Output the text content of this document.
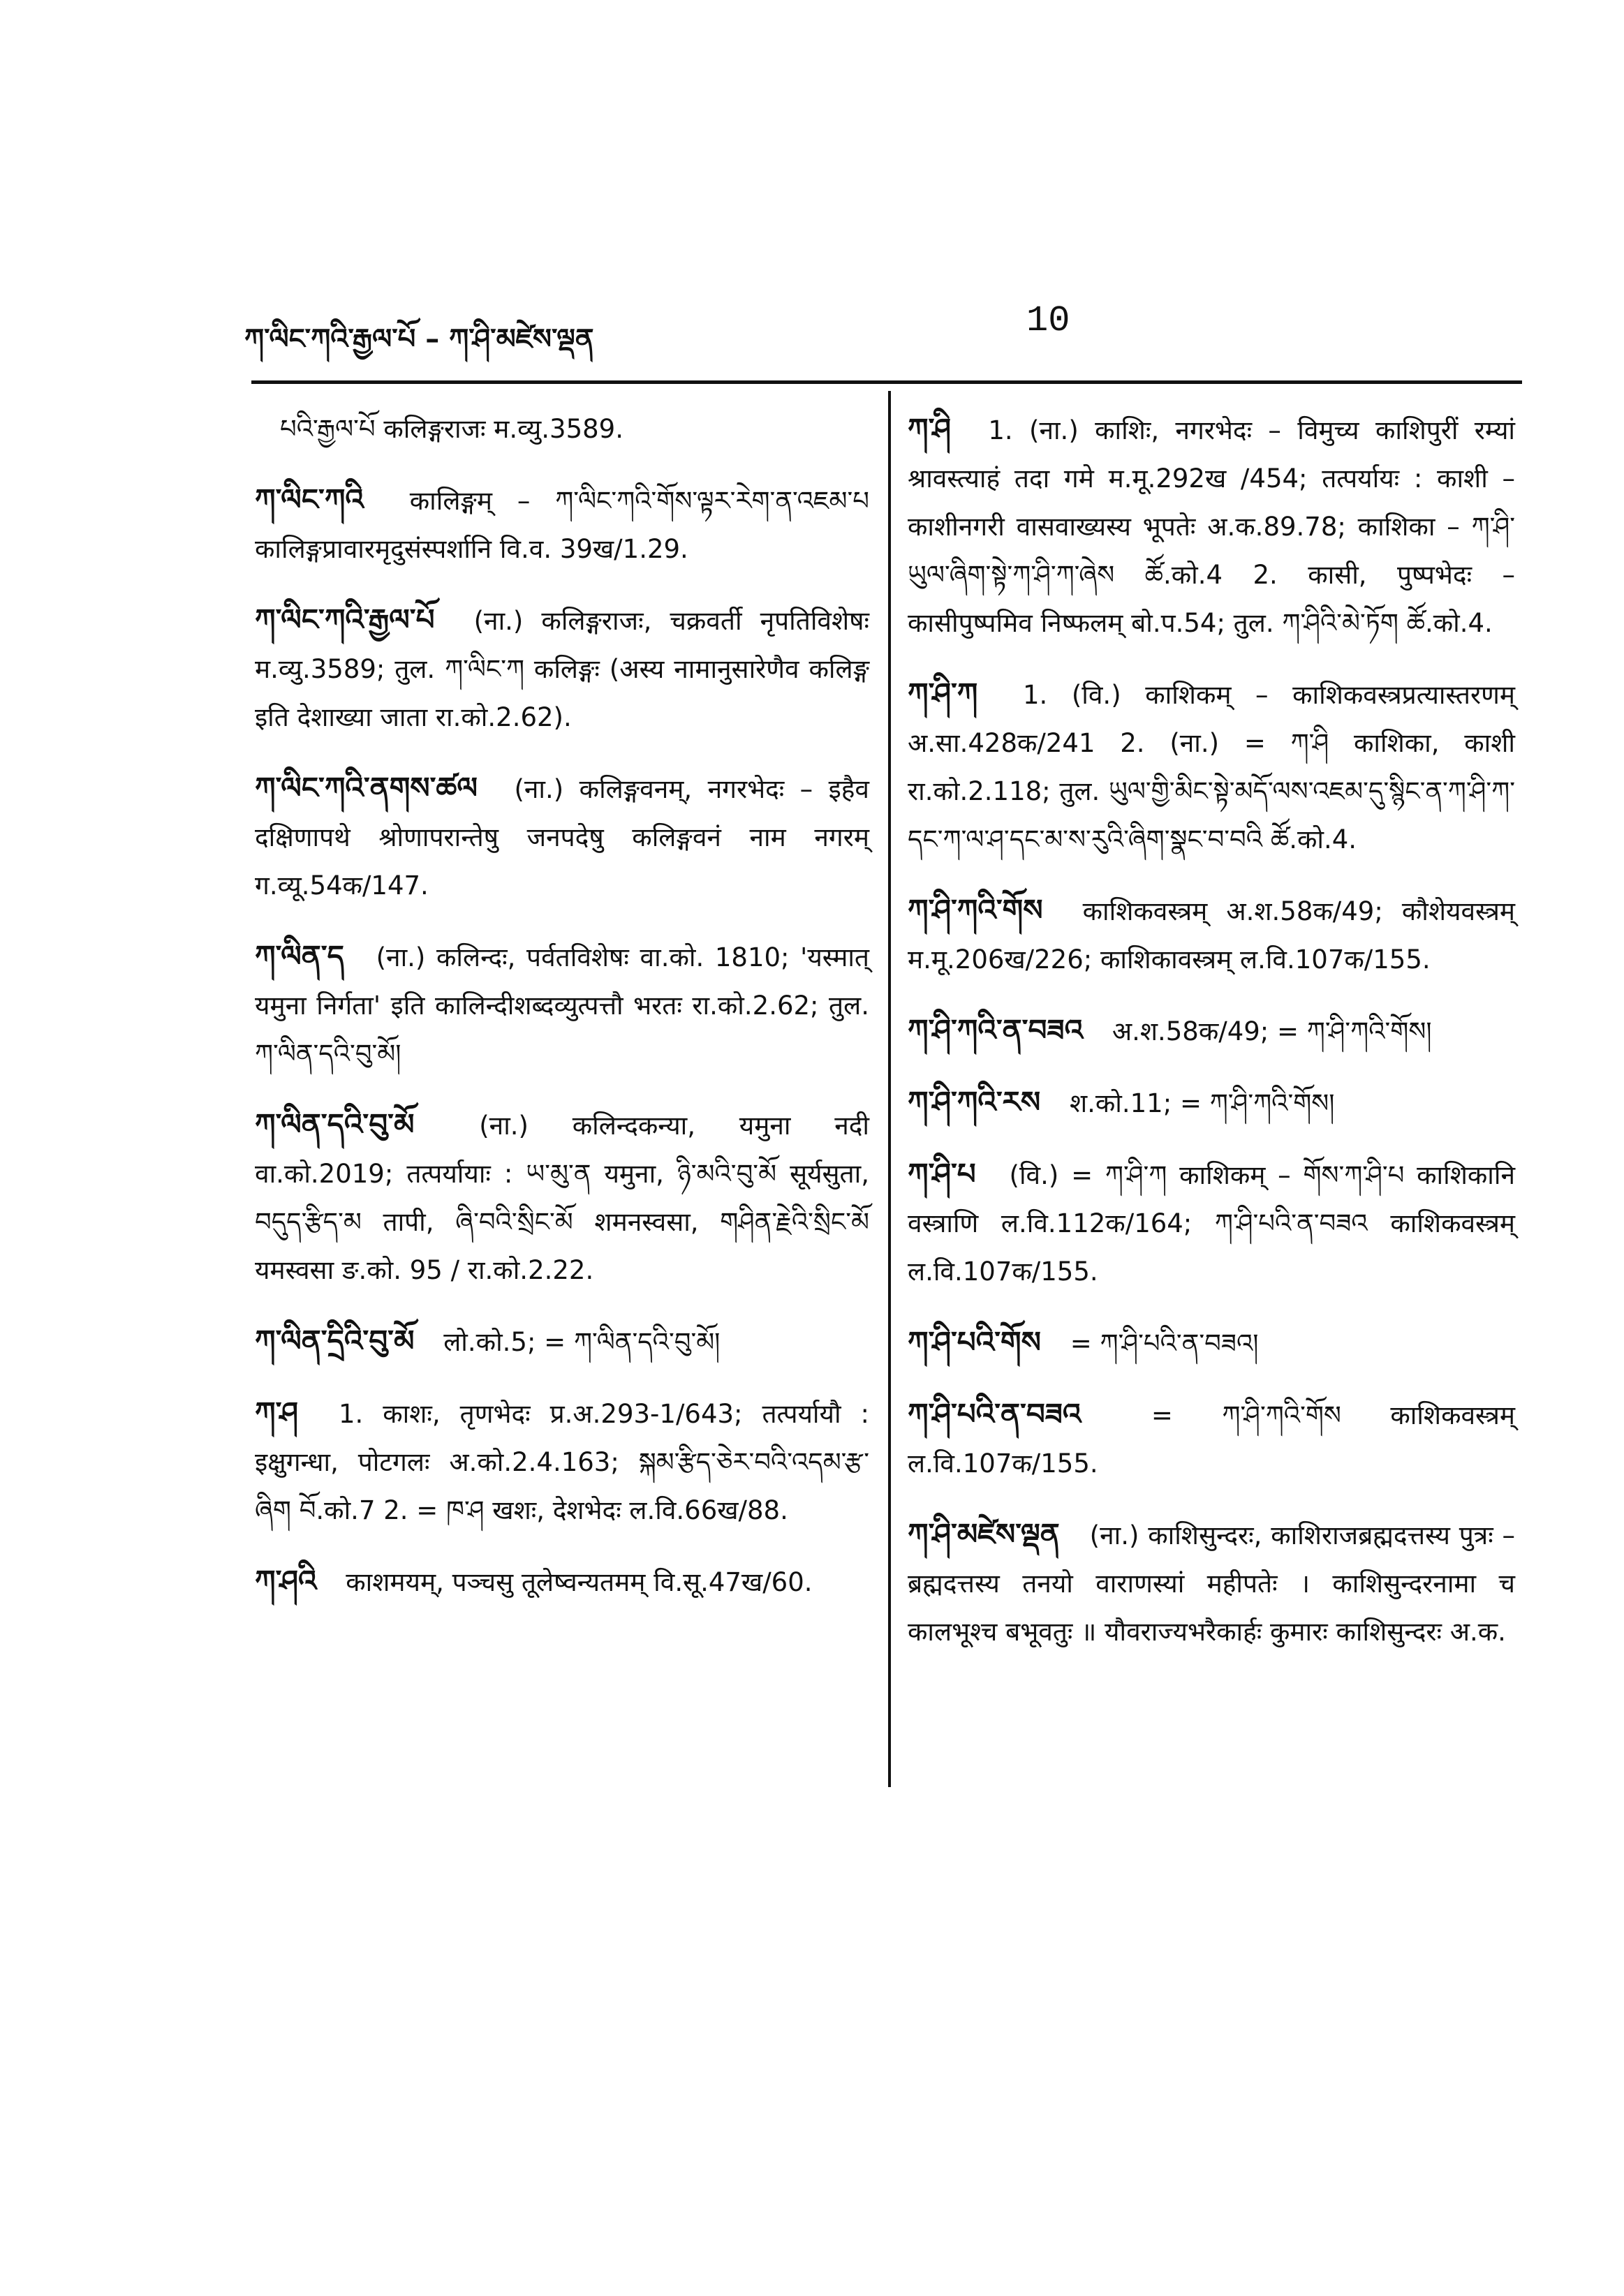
ཀ་ལིང་ཀའི་རྒྱལ་པོ – ཀ་ཤི་མཛེས་ལྡན	10
པའི་རྒྱལ་པོ कलिङ्गराजः म.व्यु.3589.
ཀ་ལིང་ཀའི कालिङ्गम् – ཀ་ལིང་ཀའི་གོས་ལྟར་རེག་ན་འཇམ་པ कालिङ्गप्रावारमृदुसंस्पर्शानि वि.व. 39ख/1.29.
ཀ་ལིང་ཀའི་རྒྱལ་པོ (ना.) कलिङ्गराजः, चक्रवर्ती नृपतिविशेषः म.व्यु.3589; तुल. ཀ་ལིང་ཀ कलिङ्गः (अस्य नामानुसारेणैव कलिङ्ग इति देशाख्या जाता रा.को.2.62).
ཀ་ལིང་ཀའི་ནགས་ཚལ (ना.) कलिङ्गवनम्, नगरभेदः – इहैव दक्षिणापथे श्रोणापरान्तेषु जनपदेषु कलिङ्गवनं नाम नगरम् ग.व्यू.54क/147.
ཀ་ལིན་ད (ना.) कलिन्दः, पर्वतविशेषः वा.को. 1810; 'यस्मात् यमुना निर्गता' इति कालिन्दीशब्दव्युत्पत्तौ भरतः रा.को.2.62; तुल. ཀ་ལིན་དའི་བུ་མོ།
ཀ་ལིན་དའི་བུ་མོ	(ना.) कलिन्दकन्या, यमुना नदी वा.को.2019; तत्पर्यायाः : ཡ་མུ་ན यमुना, ཉི་མའི་བུ་མོ सूर्यसुता, བདུད་རྩིད་མ तापी, ཞི་བའི་སྲིང་མོ शमनस्वसा, གཤིན་རྗེའི་སྲིང་མོ यमस्वसा ङ.को. 95 / रा.को.2.22.
ཀ་ལིན་དྲིའི་བུ་མོ लो.को.5; = ཀ་ལིན་དའི་བུ་མོ།
ཀ་ཤ 1. काशः, तृणभेदः प्र.अ.293-1/643; तत्पर्यायौ : इक्षुगन्धा, पोटगलः अ.को.2.4.163; སྐམ་རྩིད་ཅེར་བའི་འདམ་རྩ་ཞིག བོ.को.7 2. = ཁ་ཤ खशः, देशभेदः ल.वि.66ख/88.
ཀ་ཤའི काशमयम्, पञ्चसु तूलेष्वन्यतमम् वि.सू.47ख/60.
ཀ་ཤི 1. (ना.) काशिः, नगरभेदः – विमुच्य काशिपुरीं रम्यां श्रावस्त्याहं तदा गमे म.मू.292ख /454; तत्पर्यायः : काशी – काशीनगरी वासवाख्यस्य भूपतेः अ.क.89.78; काशिका – ཀ་ཤི་ཡུལ་ཞིག་སྟེ་ཀ་ཤི་ཀ་ཞེས ཚོ.को.4 2. कासी, पुष्पभेदः – कासीपुष्पमिव निष्फलम् बो.प.54; तुल. ཀ་ཤིའི་མེ་ཏོག ཚོ.को.4.
ཀ་ཤི་ཀ 1. (वि.) काशिकम् – काशिकवस्त्रप्रत्यास्तरणम् अ.सा.428क/241 2. (ना.) = ཀ་ཤི काशिका, काशी रा.को.2.118; तुल. ཡུལ་གྱི་མིང་སྟེ་མདོ་ལས་འཇམ་དུ་སྙིང་ན་ཀ་ཤི་ཀ་དང་ཀ་ལ་ཤ་དང་མ་ས་རུའི་ཞིག་སྣང་བ་བའི ཚོ.को.4.
ཀ་ཤི་ཀའི་གོས काशिकवस्त्रम् अ.श.58क/49; कौशेयवस्त्रम् म.मू.206ख/226; काशिकावस्त्रम् ल.वि.107क/155.
ཀ་ཤི་ཀའི་ན་བཟའ अ.श.58क/49; = ཀ་ཤི་ཀའི་གོས།
ཀ་ཤི་ཀའི་རས श.को.11; = ཀ་ཤི་ཀའི་གོས།
ཀ་ཤི་པ (वि.) = ཀ་ཤི་ཀ काशिकम् – གོས་ཀ་ཤི་པ काशिकानि वस्त्राणि ल.वि.112क/164; ཀ་ཤི་པའི་ན་བཟའ काशिकवस्त्रम् ल.वि.107क/155.
ཀ་ཤི་པའི་གོས = ཀ་ཤི་པའི་ན་བཟའ།
ཀ་ཤི་པའི་ན་བཟའ	= ཀ་ཤི་ཀའི་གོས काशिकवस्त्रम् ल.वि.107क/155.
ཀ་ཤི་མཛེས་ལྡན (ना.) काशिसुन्दरः, काशिराजब्रह्मदत्तस्य पुत्रः – ब्रह्मदत्तस्य तनयो वाराणस्यां महीपतेः । काशिसुन्दरनामा च कालभूश्च बभूवतुः ॥ यौवराज्यभरैकार्हः कुमारः काशिसुन्दरः अ.क.
